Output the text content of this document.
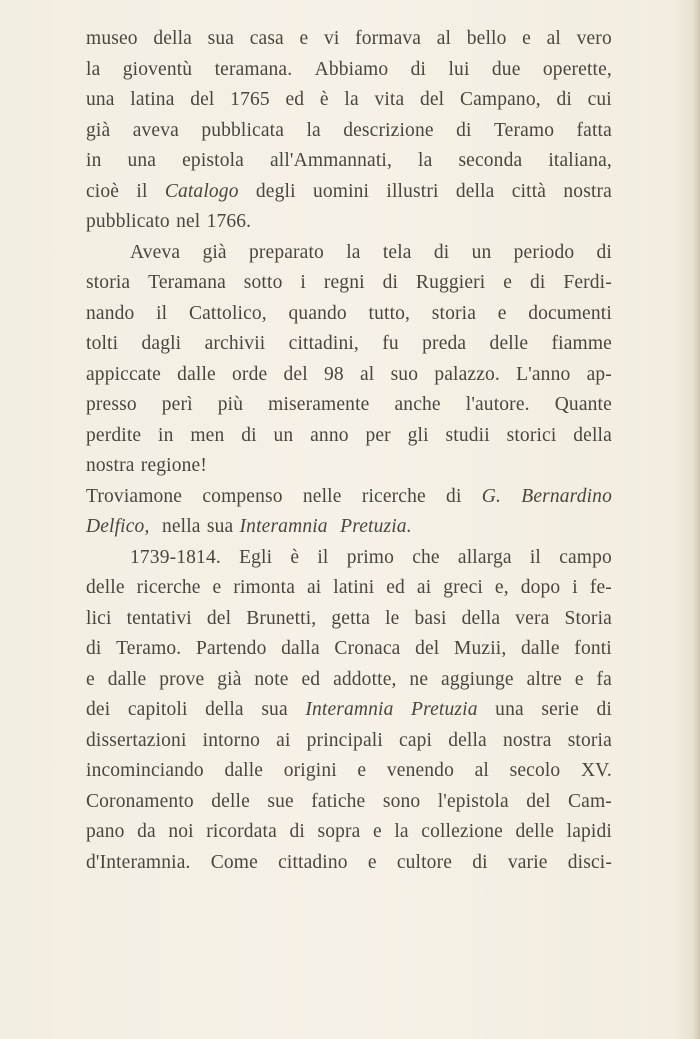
museo della sua casa e vi formava al bello e al vero
la gioventù teramana. Abbiamo di lui due operette,
una latina del 1765 ed è la vita del Campano, di cui
già aveva pubblicata la descrizione di Teramo fatta
in una epistola all'Ammannati, la seconda italiana,
cioè il Catalogo degli uomini illustri della città nostra
pubblicato nel 1766.
Aveva già preparato la tela di un periodo di
storia Teramana sotto i regni di Ruggieri e di Ferdi-
nando il Cattolico, quando tutto, storia e documenti
tolti dagli archivii cittadini, fu preda delle fiamme
appiccate dalle orde del 98 al suo palazzo. L'anno ap-
presso perì più miseramente anche l'autore. Quante
perdite in men di un anno per gli studii storici della
nostra regione!
Troviamone compenso nelle ricerche di G. Bernardino
Delfico, nella sua Interamnia Pretuzia.
1739-1814. Egli è il primo che allarga il campo
delle ricerche e rimonta ai latini ed ai greci e, dopo i fe-
lici tentativi del Brunetti, getta le basi della vera Storia
di Teramo. Partendo dalla Cronaca del Muzii, dalle fonti
e dalle prove già note ed addotte, ne aggiunge altre e fa
dei capitoli della sua Interamnia Pretuzia una serie di
dissertazioni intorno ai principali capi della nostra storia
incominciando dalle origini e venendo al secolo XV.
Coronamento delle sue fatiche sono l'epistola del Cam-
pano da noi ricordata di sopra e la collezione delle lapidi
d'Interamnia. Come cittadino e cultore di varie disci-
